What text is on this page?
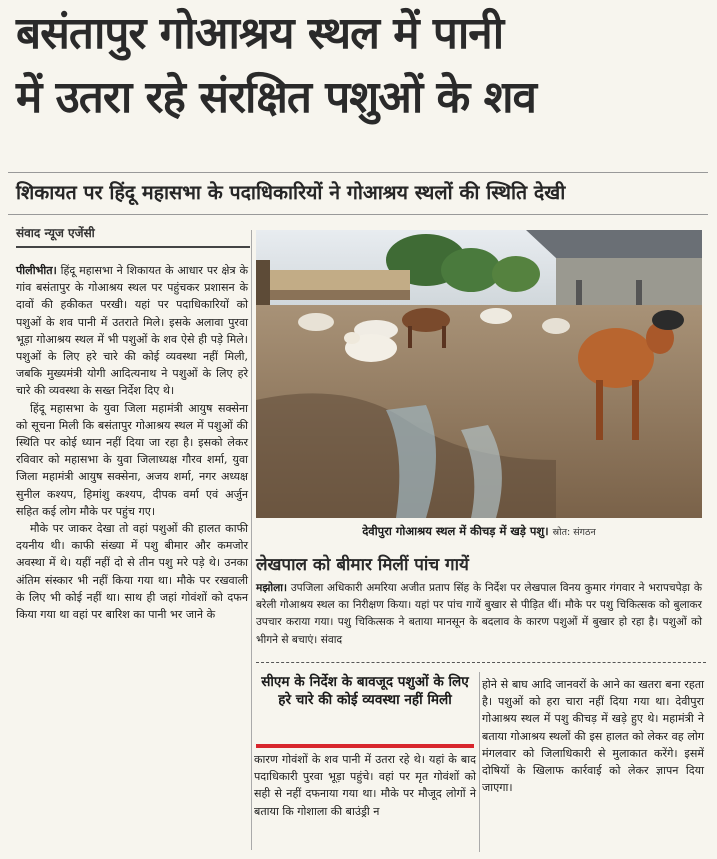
बसंतापुर गोआश्रय स्थल में पानी
में उतरा रहे संरक्षित पशुओं के शव
शिकायत पर हिंदू महासभा के पदाधिकारियों ने गोआश्रय स्थलों की स्थिति देखी
संवाद न्यूज एजेंसी

पीलीभीत। हिंदू महासभा ने शिकायत के आधार पर क्षेत्र के गांव बसंतापुर के गोआश्रय स्थल पर पहुंचकर प्रशासन के दावों की हकीकत परखी। यहां पर पदाधिकारियों को पशुओं के शव पानी में उतराते मिले। इसके अलावा पुरवा भूड़ा गोआश्रय स्थल में भी पशुओं के शव ऐसे ही पड़े मिले। पशुओं के लिए हरे चारे की कोई व्यवस्था नहीं मिली, जबकि मुख्यमंत्री योगी आदित्यनाथ ने पशुओं के लिए हरे चारे की व्यवस्था के सख्त निर्देश दिए थे।

हिंदू महासभा के युवा जिला महामंत्री आयुष सक्सेना को सूचना मिली कि बसंतापुर गोआश्रय स्थल में पशुओं की स्थिति पर कोई ध्यान नहीं दिया जा रहा है। इसको लेकर रविवार को महासभा के युवा जिलाध्यक्ष गौरव शर्मा, युवा जिला महामंत्री आयुष सक्सेना, अजय शर्मा, नगर अध्यक्ष सुनील कश्यप, हिमांशु कश्यप, दीपक वर्मा एवं अर्जुन सहित कई लोग मौके पर पहुंच गए।

मौके पर जाकर देखा तो वहां पशुओं की हालत काफी दयनीय थी। काफी संख्या में पशु बीमार और कमजोर अवस्था में थे। यहीं नहीं दो से तीन पशु मरे पड़े थे। उनका अंतिम संस्कार भी नहीं किया गया था। मौके पर रखवाली के लिए भी कोई नहीं था। साथ ही जहां गोवंशों को दफन किया गया था वहां पर बारिश का पानी भर जाने के

देवीपुरा गोआश्रय स्थल में कीचड़ में खड़े पशु। स्रोत: संगठन
लेखपाल को बीमार मिलीं पांच गायें
मझोला। उपजिला अधिकारी अमरिया अजीत प्रताप सिंह के निर्देश पर लेखपाल विनय कुमार गंगवार ने भरापचपेड़ा के बरेली गोआश्रय स्थल का निरीक्षण किया। यहां पर पांच गायें बुखार से पीड़ित थीं। मौके पर पशु चिकित्सक को बुलाकर उपचार कराया गया। पशु चिकित्सक ने बताया मानसून के बदलाव के कारण पशुओं में बुखार हो रहा है। पशुओं को भीगने से बचाएं। संवाद
सीएम के निर्देश के बावजूद पशुओं के लिए हरे चारे की कोई व्यवस्था नहीं मिली
कारण गोवंशों के शव पानी में उतरा रहे थे। यहां के बाद पदाधिकारी पुरवा भूड़ा पहुंचे। वहां पर मृत गोवंशों को सही से नहीं दफनाया गया था। मौके पर मौजूद लोगों ने बताया कि गोशाला की बाउंड्री न
होने से बाघ आदि जानवरों के आने का खतरा बना रहता है। पशुओं को हरा चारा नहीं दिया गया था। देवीपुरा गोआश्रय स्थल में पशु कीचड़ में खड़े हुए थे। महामंत्री ने बताया गोआश्रय स्थलों की इस हालत को लेकर वह लोग मंगलवार को जिलाधिकारी से मुलाकात करेंगे। इसमें दोषियों के खिलाफ कार्रवाई को लेकर ज्ञापन दिया जाएगा।
